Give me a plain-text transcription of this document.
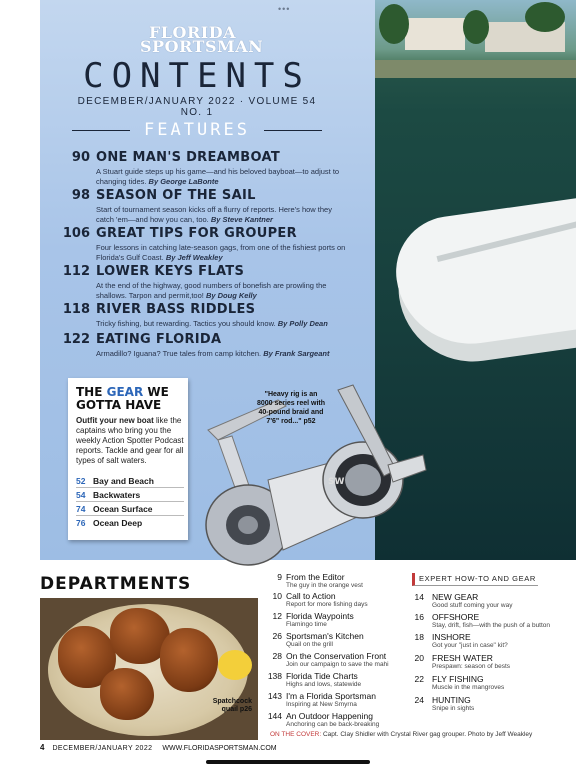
•••
FLORIDA
SPORTSMAN
CONTENTS
DECEMBER/JANUARY 2022 · VOLUME 54 NO. 1
FEATURES
90 ONE MAN'S DREAMBOAT
A Stuart guide steps up his game—and his beloved bayboat—to adjust to changing tides. By George LaBonte
98 SEASON OF THE SAIL
Start of tournament season kicks off a flurry of reports. Here's how they catch 'em—and how you can, too. By Steve Kantner
106 GREAT TIPS FOR GROUPER
Four lessons in catching late-season gags, from one of the fishiest ports on Florida's Gulf Coast. By Jeff Weakley
112 LOWER KEYS FLATS
At the end of the highway, good numbers of bonefish are prowling the shallows. Tarpon and permit,too! By Doug Kelly
118 RIVER BASS RIDDLES
Tricky fishing, but rewarding. Tactics you should know. By Polly Dean
122 EATING FLORIDA
Armadillo? Iguana? True tales from camp kitchen. By Frank Sargeant
SW
"Heavy rig is an 8000 series reel with 40-pound braid and 7'6" rod..." p52
THE GEAR WE GOTTA HAVE
Outfit your new boat like the captains who bring you the weekly Action Spotter Podcast reports. Tackle and gear for all types of salt waters.
52 Bay and Beach
54 Backwaters
74 Ocean Surface
76 Ocean Deep
DEPARTMENTS
Spatchcock quail p26
9 From the Editor
The guy in the orange vest
10 Call to Action
Report for more fishing days
12 Florida Waypoints
Flamingo time
26 Sportsman's Kitchen
Quail on the grill
28 On the Conservation Front
Join our campaign to save the mahi
138 Florida Tide Charts
Highs and lows, statewide
143 I'm a Florida Sportsman
Inspiring at New Smyrna
144 An Outdoor Happening
Anchoring can be back-breaking
EXPERT HOW-TO AND GEAR
14 NEW GEAR
Good stuff coming your way
16 OFFSHORE
Stay, drift, fish—with the push of a button
18 INSHORE
Got your "just in case" kit?
20 FRESH WATER
Prespawn: season of bests
22 FLY FISHING
Muscle in the mangroves
24 HUNTING
Snipe in sights
ON THE COVER: Capt. Clay Shidler with Crystal River gag grouper. Photo by Jeff Weakley
4 DECEMBER/JANUARY 2022 WWW.FLORIDASPORTSMAN.COM
